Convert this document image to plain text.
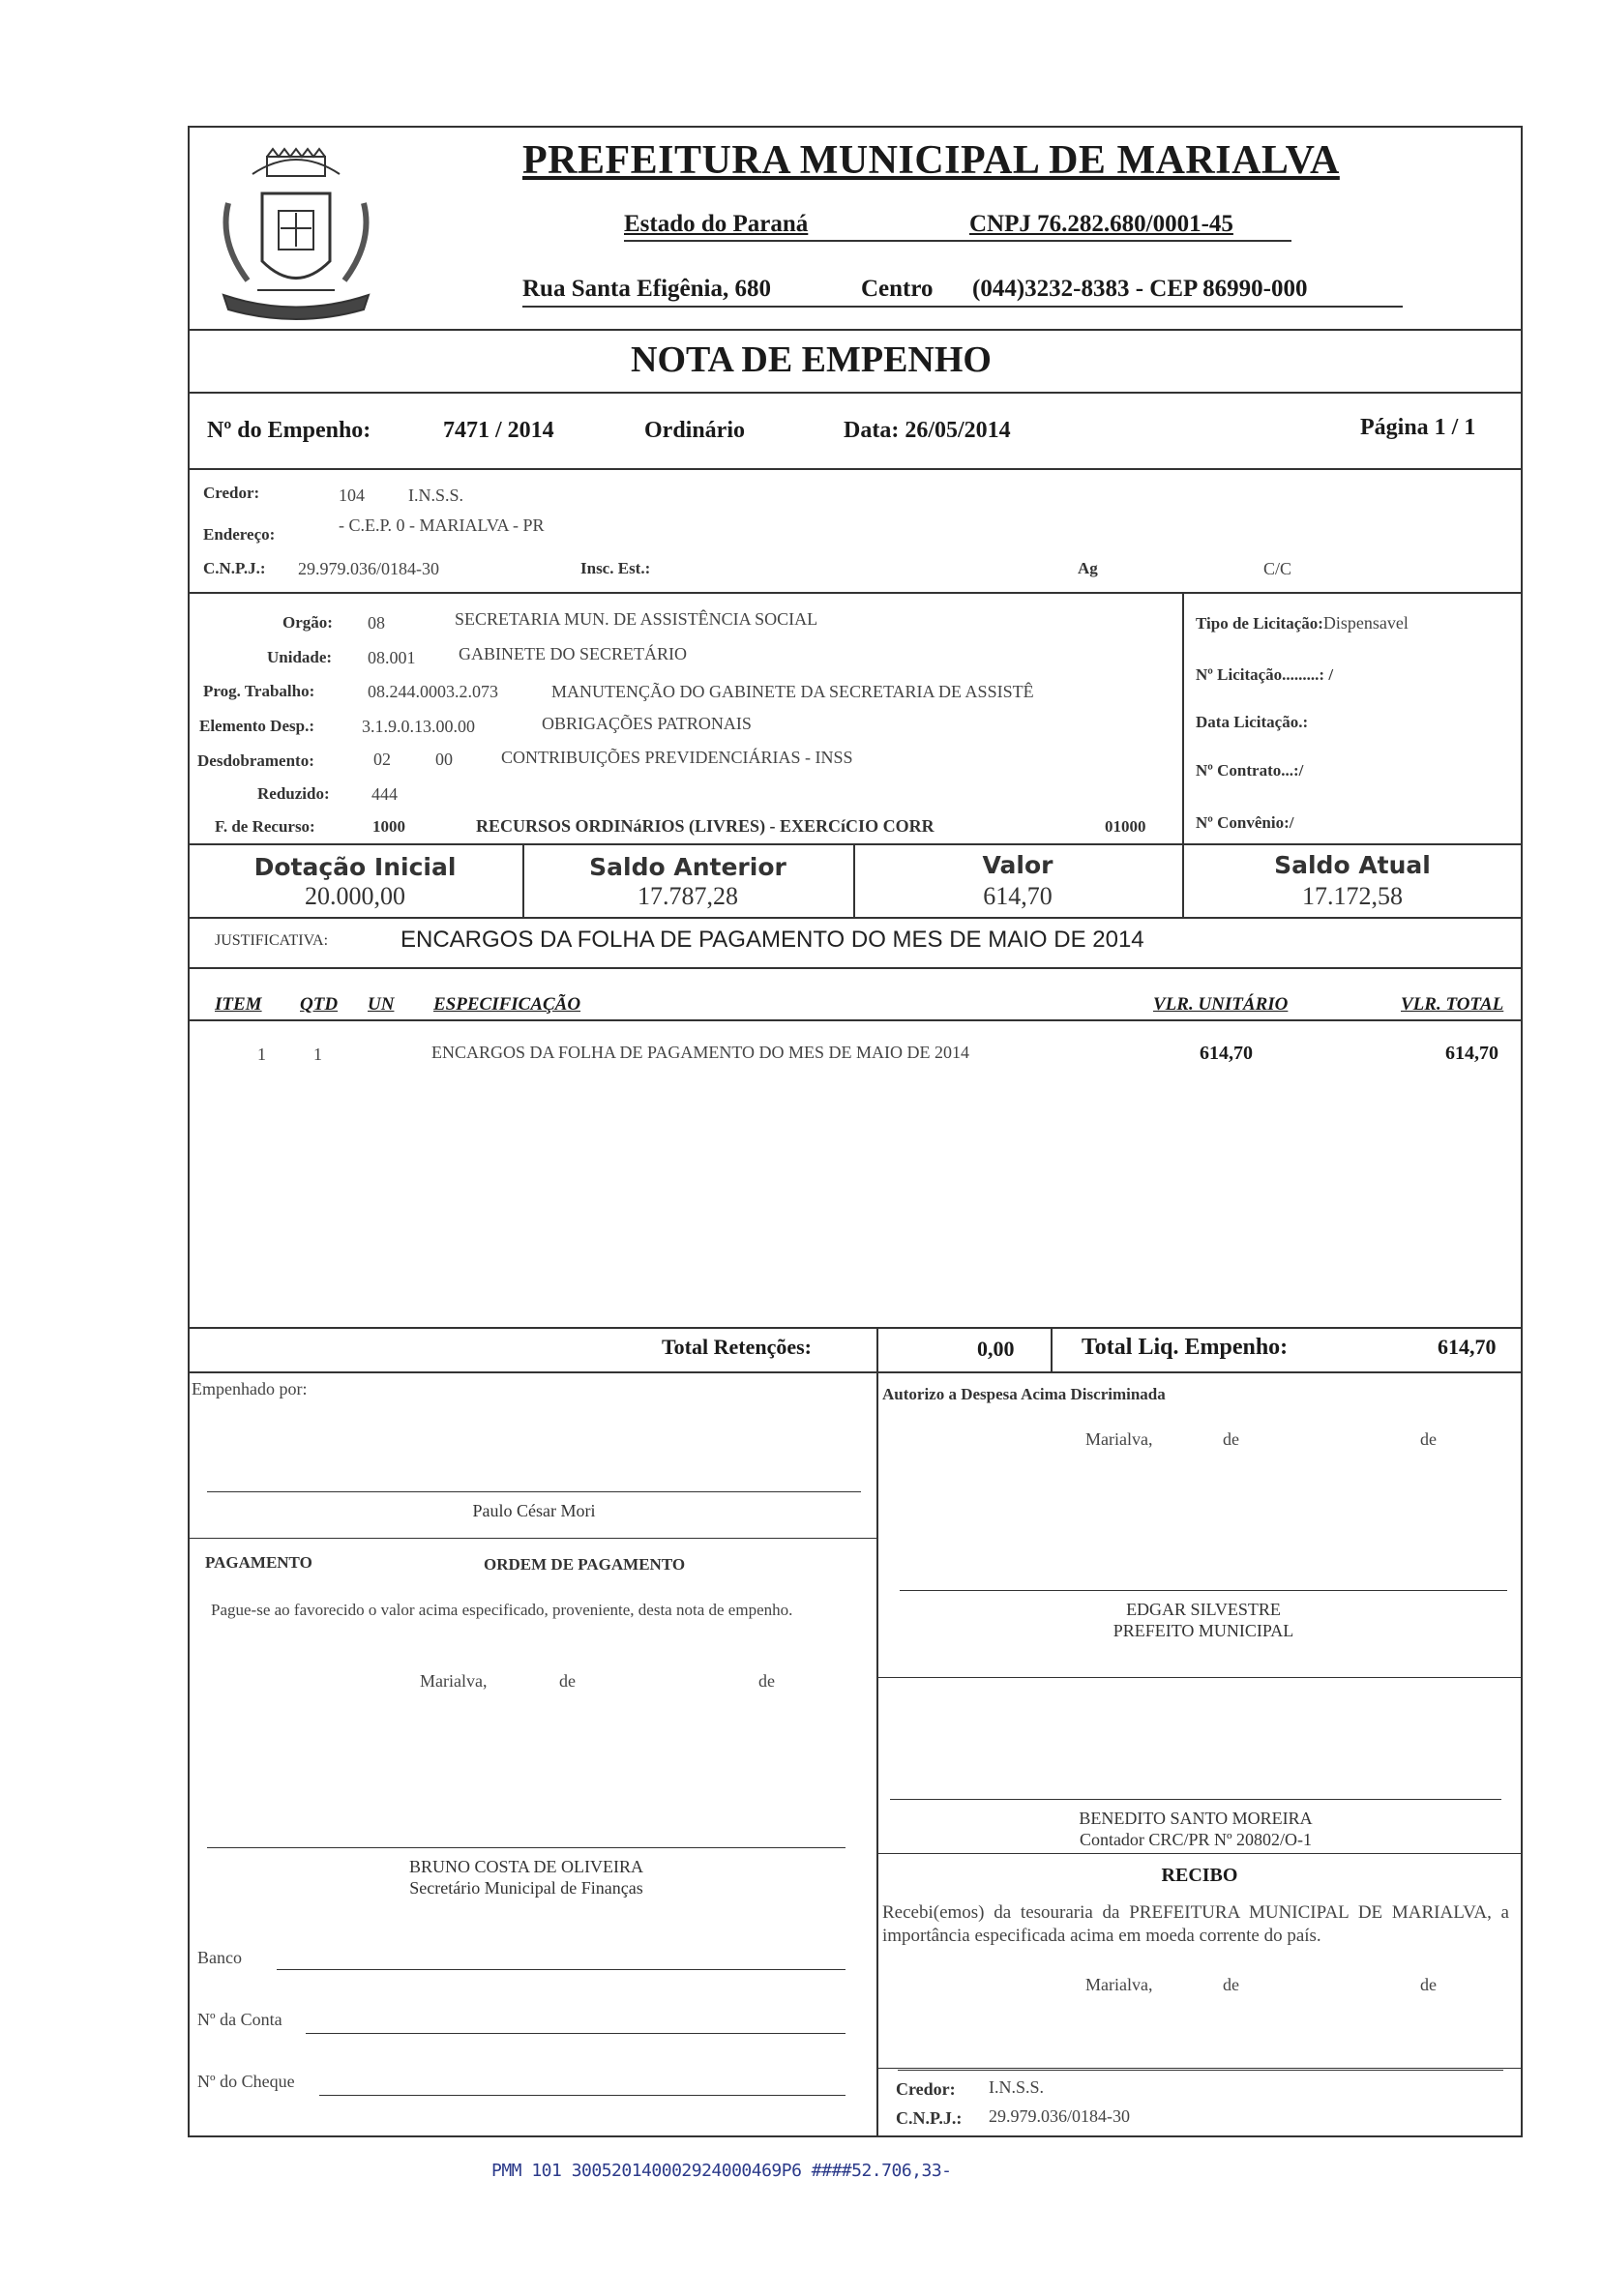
PREFEITURA MUNICIPAL DE MARIALVA
Estado do Paraná	CNPJ 76.282.680/0001-45
Rua Santa Efigênia, 680	Centro (044)3232-8383 - CEP 86990-000
NOTA DE EMPENHO
Nº do Empenho:	7471 / 2014	Ordinário	Data: 26/05/2014	Página 1 / 1
Credor:	104	I.N.S.S.
Endereço:	- C.E.P. 0 - MARIALVA - PR
C.N.P.J.: 29.979.036/0184-30	Insc. Est.:	Ag	C/C
Orgão: 08	SECRETARIA MUN. DE ASSISTÊNCIA SOCIAL
Unidade: 08.001 GABINETE DO SECRETÁRIO
Prog. Trabalho:	08.244.0003.2.073	MANUTENÇÃO DO GABINETE DA SECRETARIA DE ASSISTÊ
Elemento Desp.:	3.1.9.0.13.00.00	OBRIGAÇÕES PATRONAIS
Desdobramento:	02	00	CONTRIBUIÇÕES PREVIDENCIÁRIAS - INSS
Reduzido: 444
F. de Recurso:	1000	RECURSOS ORDINáRIOS (LIVRES) - EXERCíCIO CORR	01000
Tipo de Licitação:Dispensavel
Nº Licitação.........: /
Data Licitação.:
Nº Contrato...:/
Nº Convênio:/
Dotação Inicial
20.000,00
Saldo Anterior
17.787,28
Valor
614,70
Saldo Atual
17.172,58
JUSTIFICATIVA:	ENCARGOS DA FOLHA DE PAGAMENTO DO MES DE MAIO DE 2014
ITEM QTD UN ESPECIFICAÇÃO	VLR. UNITÁRIO	VLR. TOTAL
1	1	ENCARGOS DA FOLHA DE PAGAMENTO DO MES DE MAIO DE 2014	614,70	614,70
Total Retenções:	0,00	Total Liq. Empenho:	614,70
Empenhado por:
Paulo César Mori
Autorizo a Despesa Acima Discriminada
Marialva,	de	de
EDGAR SILVESTRE
PREFEITO MUNICIPAL
PAGAMENTO	ORDEM DE PAGAMENTO
Pague-se ao favorecido o valor acima especificado, proveniente, desta nota de empenho.
Marialva,	de	de
BENEDITO SANTO MOREIRA
Contador CRC/PR Nº 20802/O-1
BRUNO COSTA DE OLIVEIRA
Secretário Municipal de Finanças
Banco
Nº da Conta
Nº do Cheque
RECIBO
Recebi(emos) da tesouraria da PREFEITURA MUNICIPAL DE MARIALVA, a importância especificada acima em moeda corrente do país.
Marialva,	de	de
Credor: I.N.S.S.
C.N.P.J.: 29.979.036/0184-30
PMM 101 300520140002924000469P6 ####52.706,33-
